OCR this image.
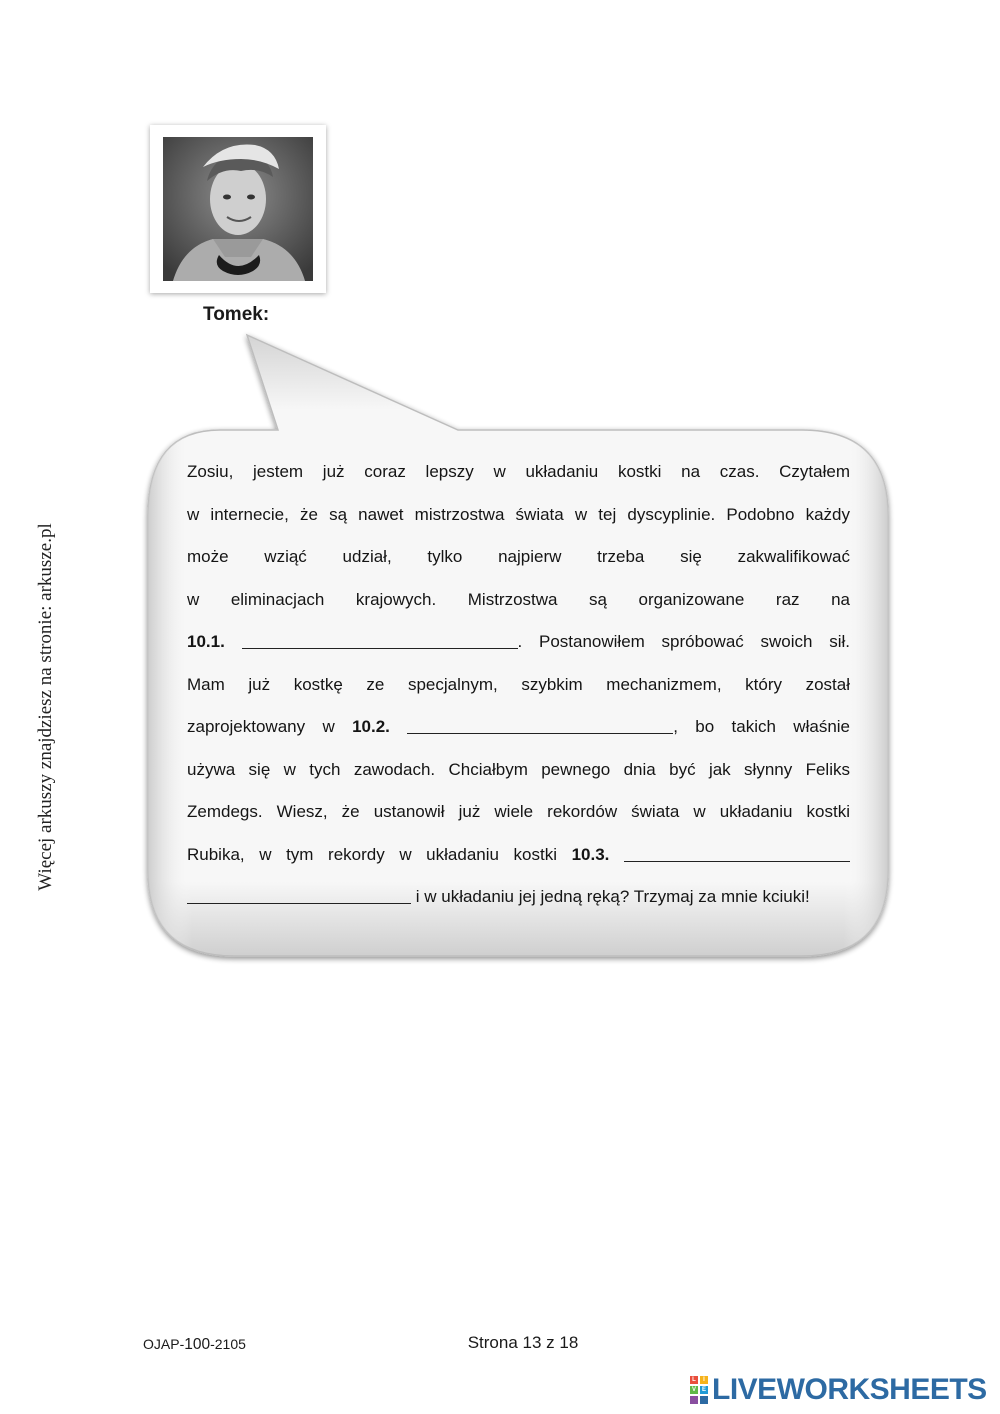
Więcej arkuszy znajdziesz na stronie: arkusze.pl
Tomek:
Zosiu, jestem już coraz lepszy w układaniu kostki na czas. Czytałem
w internecie, że są nawet mistrzostwa świata w tej dyscyplinie. Podobno każdy
może wziąć udział, tylko najpierw trzeba się zakwalifikować
w eliminacjach krajowych. Mistrzostwa są organizowane raz na
10.1.	. Postanowiłem spróbować swoich sił.
Mam już kostkę ze specjalnym, szybkim mechanizmem, który został
zaprojektowany w 10.2.	, bo takich właśnie
używa się w tych zawodach. Chciałbym pewnego dnia być jak słynny Feliks
Zemdegs. Wiesz, że ustanowił już wiele rekordów świata w układaniu kostki
Rubika, w tym rekordy w układaniu kostki 10.3.
i w układaniu jej jedną ręką? Trzymaj za mnie kciuki!
OJAP-100-2105	Strona 13 z 18
L	I
V E LIVEWORKSHEETS
